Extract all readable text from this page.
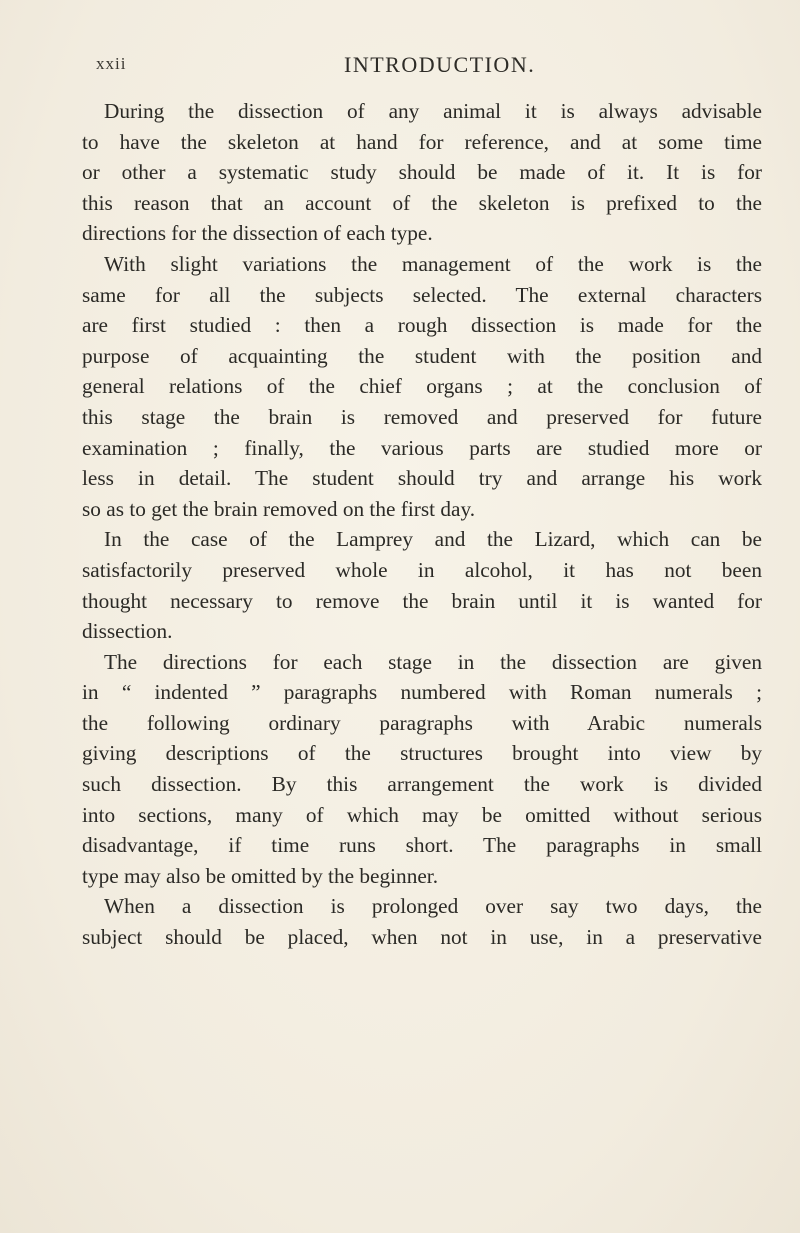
xxii	INTRODUCTION.
During the dissection of any animal it is always advisable
to have the skeleton at hand for reference, and at some time
or other a systematic study should be made of it. It is for
this reason that an account of the skeleton is prefixed to the
directions for the dissection of each type.
With slight variations the management of the work is the
same for all the subjects selected. The external characters
are first studied : then a rough dissection is made for the
purpose of acquainting the student with the position and
general relations of the chief organs ; at the conclusion of
this stage the brain is removed and preserved for future
examination ; finally, the various parts are studied more or
less in detail. The student should try and arrange his work
so as to get the brain removed on the first day.
In the case of the Lamprey and the Lizard, which can be
satisfactorily preserved whole in alcohol, it has not been
thought necessary to remove the brain until it is wanted for
dissection.
The directions for each stage in the dissection are given
in “ indented ” paragraphs numbered with Roman numerals ;
the following ordinary paragraphs with Arabic numerals
giving descriptions of the structures brought into view by
such dissection. By this arrangement the work is divided
into sections, many of which may be omitted without serious
disadvantage, if time runs short. The paragraphs in small
type may also be omitted by the beginner.
When a dissection is prolonged over say two days, the
subject should be placed, when not in use, in a preservative
